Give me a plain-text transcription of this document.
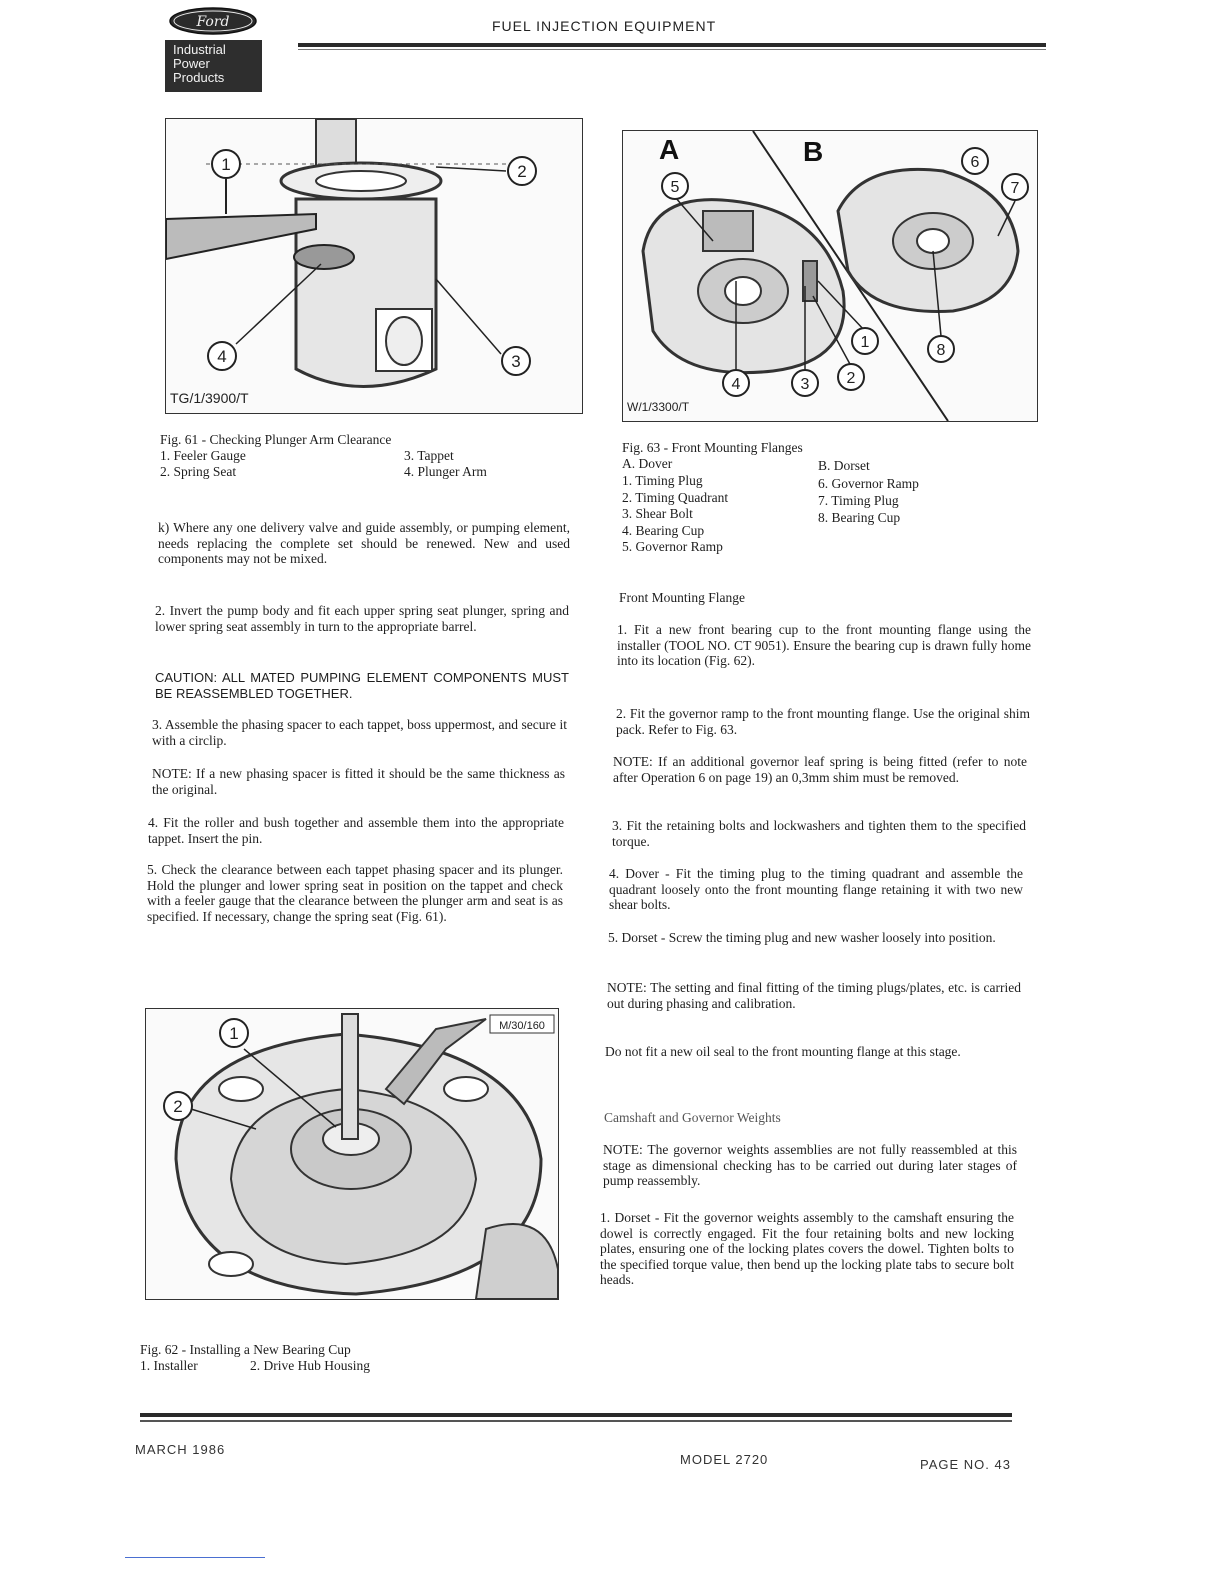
Ford
Industrial
Power
Products
FUEL INJECTION EQUIPMENT
1	2
3
4
TG/1/3900/T
Fig. 61 - Checking Plunger Arm Clearance
1. Feeler Gauge
2. Spring Seat
3. Tappet
4. Plunger Arm
A	B
1
2
3
4
5
6
7
8
W/1/3300/T
Fig. 63 - Front Mounting Flanges
A. Dover
1. Timing Plug
2. Timing Quadrant
3. Shear Bolt
4. Bearing Cup
5. Governor Ramp
B. Dorset
6. Governor Ramp
7. Timing Plug
8. Bearing Cup
k) Where any one delivery valve and guide assembly, or pumping element, needs replacing the complete set should be renewed. New and used components may not be mixed.
2. Invert the pump body and fit each upper spring seat plunger, spring and lower spring seat assembly in turn to the appropriate barrel.
CAUTION: ALL MATED PUMPING ELEMENT COMPONENTS MUST BE REASSEMBLED TOGETHER.
3. Assemble the phasing spacer to each tappet, boss uppermost, and secure it with a circlip.
NOTE: If a new phasing spacer is fitted it should be the same thickness as the original.
4. Fit the roller and bush together and assemble them into the appropriate tappet. Insert the pin.
5. Check the clearance between each tappet phasing spacer and its plunger. Hold the plunger and lower spring seat in position on the tappet and check with a feeler gauge that the clearance between the plunger arm and seat is as specified. If necessary, change the spring seat (Fig. 61).
Front Mounting Flange
1. Fit a new front bearing cup to the front mounting flange using the installer (TOOL NO. CT 9051). Ensure the bearing cup is drawn fully home into its location (Fig. 62).
2. Fit the governor ramp to the front mounting flange. Use the original shim pack. Refer to Fig. 63.
NOTE: If an additional governor leaf spring is being fitted (refer to note after Operation 6 on page 19) an 0,3mm shim must be removed.
3. Fit the retaining bolts and lockwashers and tighten them to the specified torque.
4. Dover - Fit the timing plug to the timing quadrant and assemble the quadrant loosely onto the front mounting flange retaining it with two new shear bolts.
5. Dorset - Screw the timing plug and new washer loosely into position.
NOTE: The setting and final fitting of the timing plugs/plates, etc. is carried out during phasing and calibration.
Do not fit a new oil seal to the front mounting flange at this stage.
Camshaft and Governor Weights
NOTE: The governor weights assemblies are not fully reassembled at this stage as dimensional checking has to be carried out during later stages of pump reassembly.
1. Dorset - Fit the governor weights assembly to the camshaft ensuring the dowel is correctly engaged. Fit the four retaining bolts and new locking plates, ensuring one of the locking plates covers the dowel. Tighten bolts to the specified torque value, then bend up the locking plate tabs to secure bolt heads.
1
2
M/30/160
Fig. 62 - Installing a New Bearing Cup
1. Installer	2. Drive Hub Housing
MARCH 1986
MODEL 2720	PAGE NO. 43
